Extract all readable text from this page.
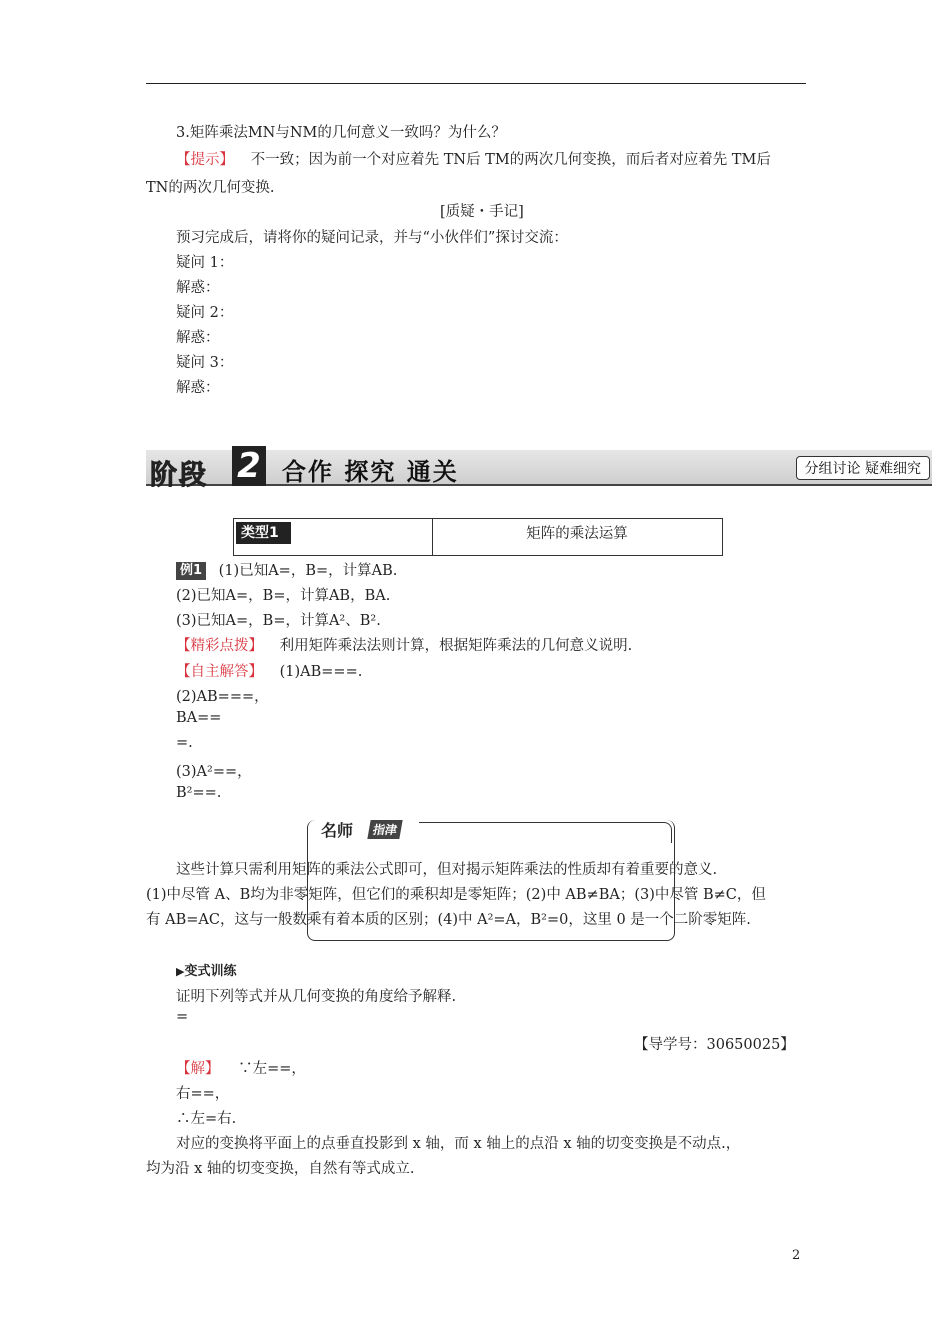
3.矩阵乘法MN与NM的几何意义一致吗？为什么？
【提示】 不一致；因为前一个对应着先 TN后 TM的两次几何变换，而后者对应着先 TM后
TN的两次几何变换.
[质疑・手记]
预习完成后，请将你的疑问记录，并与“小伙伴们”探讨交流：
疑问 1：
解惑：
疑问 2：
解惑：
疑问 3：
解惑：
阶段 2 合作 探究 通关	分组讨论 疑难细究
类型1	矩阵的乘法运算
例1 (1)已知A=，B=，计算AB.
(2)已知A=，B=，计算AB，BA.
(3)已知A=，B=，计算A²、B².
【精彩点拨】 利用矩阵乘法法则计算，根据矩阵乘法的几何意义说明.
【自主解答】 (1)AB===.
(2)AB===，
BA==
=.
(3)A²==，
B²==.
名师	指津
这些计算只需利用矩阵的乘法公式即可，但对揭示矩阵乘法的性质却有着重要的意义.
(1)中尽管 A、B均为非零矩阵，但它们的乘积却是零矩阵；(2)中 AB≠BA；(3)中尽管 B≠C，但
有 AB=AC，这与一般数乘有着本质的区别；(4)中 A²=A，B²=0，这里 0 是一个二阶零矩阵.
▶变式训练
证明下列等式并从几何变换的角度给予解释.
=
【导学号：30650025】
【解】 ∵左==，
右==，
∴左=右.
对应的变换将平面上的点垂直投影到 x 轴，而 x 轴上的点沿 x 轴的切变变换是不动点.，
均为沿 x 轴的切变变换，自然有等式成立.
2
